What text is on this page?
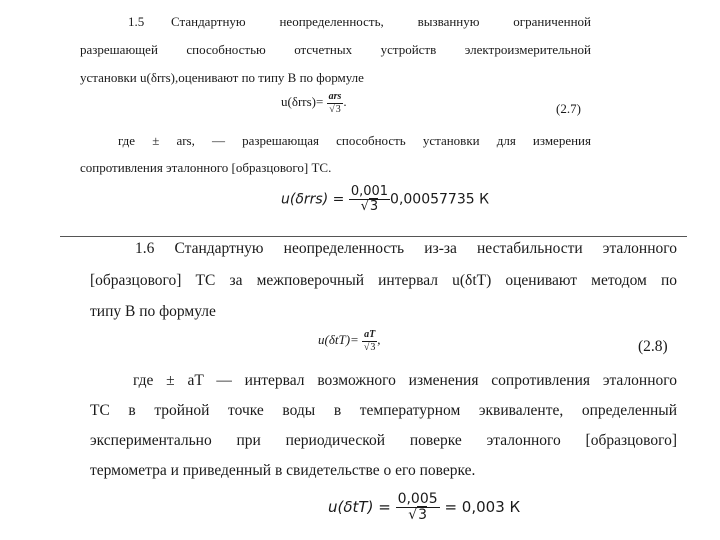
1.5 Стандартную неопределенность, вызванную ограниченной
разрешающей способностью отсчетных устройств электроизмерительной
установки u(δrrs),оценивают по типу В по формуле
$u(\delta rrs)= \frac{\text{ars}}{√3}$ .	(2.7)
где ± ars, — разрешающая способность установки для измерения
сопротивления эталонного [образцового] ТС.
$u(\delta rrs) = \frac{0,001}{√3} 0,00057735$ К
1.6 Стандартную неопределенность из-за нестабильности эталонного
[образцового] ТС за межповерочный интервал u(δtT) оценивают методом по
типу В по формуле
$u(\delta tT)= \frac{aT}{√3}$ ,	(2.8)
где ± aT — интервал возможного изменения сопротивления эталонного
ТС в тройной точке воды в температурном эквиваленте, определенный
экспериментально при периодической поверке эталонного [образцового]
термометра и приведенный в свидетельстве о его поверке.
$u(\delta tT) = \frac{0,005}{√3} = 0,003$ К
